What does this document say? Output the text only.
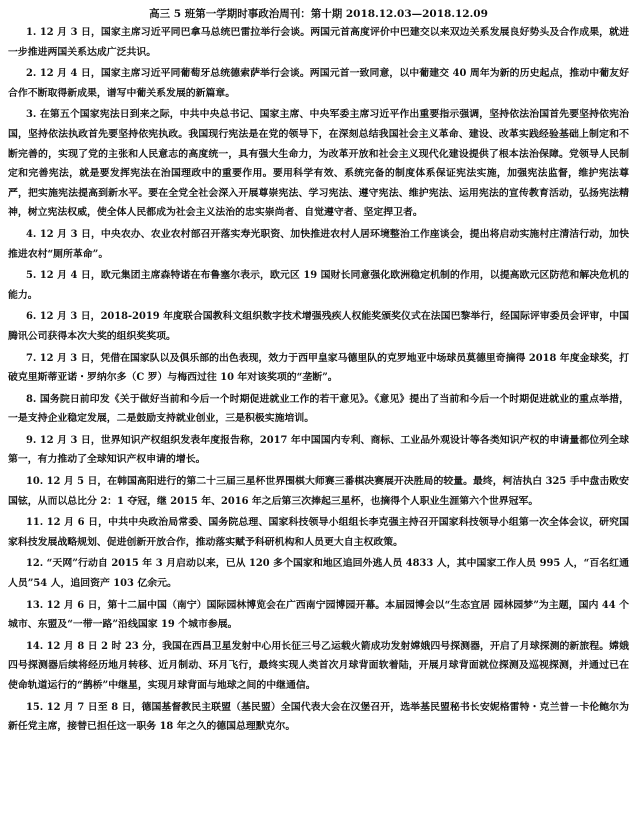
高三 5 班第一学期时事政治周刊：第十期 2018.12.03—2018.12.09

1. 12 月 3 日，国家主席习近平同巴拿马总统巴雷拉举行会谈。两国元首高度评价中巴建交以来双边关系发展良好势头及合作成果，就进一步推进两国关系达成广泛共识。

2. 12 月 4 日，国家主席习近平同葡萄牙总统德索萨举行会谈。两国元首一致同意，以中葡建交 40 周年为新的历史起点，推动中葡友好合作不断取得新成果，谱写中葡关系发展的新篇章。

3. 在第五个国家宪法日到来之际，中共中央总书记、国家主席、中央军委主席习近平作出重要指示强调，坚持依法治国首先要坚持依宪治国，坚持依法执政首先要坚持依宪执政。我国现行宪法是在党的领导下，在深刻总结我国社会主义革命、建设、改革实践经验基础上制定和不断完善的，实现了党的主张和人民意志的高度统一，具有强大生命力，为改革开放和社会主义现代化建设提供了根本法治保障。党领导人民制定和完善宪法，就是要发挥宪法在治国理政中的重要作用。要用科学有效、系统完备的制度体系保证宪法实施，加强宪法监督，维护宪法尊严，把实施宪法提高到新水平。要在全党全社会深入开展尊崇宪法、学习宪法、遵守宪法、维护宪法、运用宪法的宣传教育活动，弘扬宪法精神，树立宪法权威，使全体人民都成为社会主义法治的忠实崇尚者、自觉遵守者、坚定捍卫者。

4. 12 月 3 日，中央农办、农业农村部召开落实寿光职资、加快推进农村人居环境整治工作座谈会，提出将启动实施村庄清洁行动，加快推进农村“厕所革命”。

5. 12 月 4 日，欧元集团主席森特诺在布鲁塞尔表示，欧元区 19 国财长同意强化欧洲稳定机制的作用，以提高欧元区防范和解决危机的能力。

6. 12 月 3 日，2018-2019 年度联合国教科文组织数字技术增强残疾人权能奖颁奖仪式在法国巴黎举行，经国际评审委员会评审，中国腾讯公司获得本次大奖的组织奖奖项。

7. 12 月 3 日，凭借在国家队以及俱乐部的出色表现，效力于西甲皇家马德里队的克罗地亚中场球员莫德里奇摘得 2018 年度金球奖，打破克里斯蒂亚诺・罗纳尔多（C 罗）与梅西过往 10 年对该奖项的“垄断”。

8. 国务院日前印发《关于做好当前和今后一个时期促进就业工作的若干意见》。《意见》提出了当前和今后一个时期促进就业的重点举措，一是支持企业稳定发展，二是鼓励支持就业创业，三是积极实施培训。

9. 12 月 3 日，世界知识产权组织发表年度报告称，2017 年中国国内专利、商标、工业品外观设计等各类知识产权的申请量都位列全球第一，有力推动了全球知识产权申请的增长。

10. 12 月 5 日，在韩国高阳进行的第二十三届三星杯世界围棋大师赛三番棋决赛展开决胜局的较量。最终，柯洁执白 325 手中盘击败安国铉，从而以总比分 2：1 夺冠，继 2015 年、2016 年之后第三次捧起三星杯，也摘得个人职业生涯第六个世界冠军。

11. 12 月 6 日，中共中央政治局常委、国务院总理、国家科技领导小组组长李克强主持召开国家科技领导小组第一次全体会议，研究国家科技发展战略规划、促进创新开放合作，推动落实赋予科研机构和人员更大自主权政策。

12. “天网”行动自 2015 年 3 月启动以来，已从 120 多个国家和地区追回外逃人员 4833 人，其中国家工作人员 995 人，“百名红通人员”54 人，追回资产 103 亿余元。

13. 12 月 6 日，第十二届中国（南宁）国际园林博览会在广西南宁园博园开幕。本届园博会以“生态宜居 园林园梦”为主题，国内 44 个城市、东盟及“一带一路”沿线国家 19 个城市参展。

14. 12 月 8 日 2 时 23 分，我国在西昌卫星发射中心用长征三号乙运载火箭成功发射嫦娥四号探测器，开启了月球探测的新旅程。嫦娥四号探测器后续将经历地月转移、近月制动、环月飞行，最终实现人类首次月球背面软着陆，开展月球背面就位探测及巡视探测，并通过已在使命轨道运行的“鹊桥”中继星，实现月球背面与地球之间的中继通信。

15. 12 月 7 日至 8 日，德国基督教民主联盟（基民盟）全国代表大会在汉堡召开，选举基民盟秘书长安妮格雷特・克兰普－卡伦鲍尔为新任党主席，接替已担任这一职务 18 年之久的德国总理默克尔。
